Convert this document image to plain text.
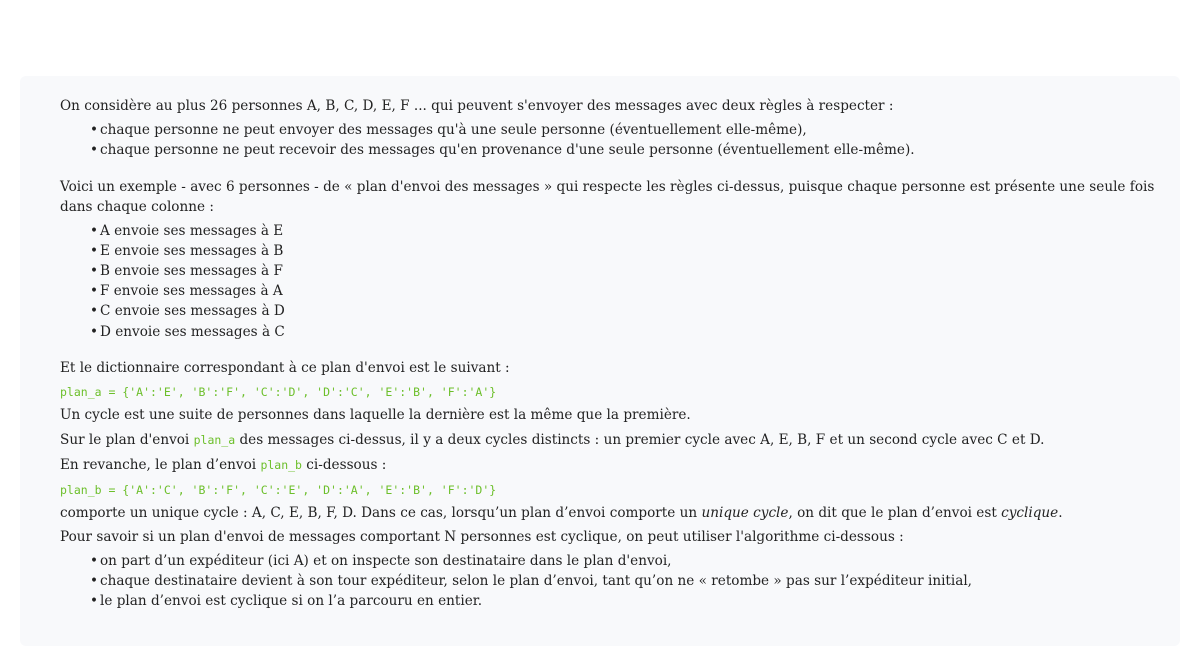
On considère au plus 26 personnes A, B, C, D, E, F ... qui peuvent s'envoyer des messages avec deux règles à respecter :
• chaque personne ne peut envoyer des messages qu'à une seule personne (éventuellement elle-même),
• chaque personne ne peut recevoir des messages qu'en provenance d'une seule personne (éventuellement elle-même).
Voici un exemple - avec 6 personnes - de « plan d'envoi des messages » qui respecte les règles ci-dessus, puisque chaque personne est présente une seule fois
dans chaque colonne :
• A envoie ses messages à E
• E envoie ses messages à B
• B envoie ses messages à F
• F envoie ses messages à A
• C envoie ses messages à D
• D envoie ses messages à C
Et le dictionnaire correspondant à ce plan d'envoi est le suivant :
plan_a = {'A':'E', 'B':'F', 'C':'D', 'D':'C', 'E':'B', 'F':'A'}
Un cycle est une suite de personnes dans laquelle la dernière est la même que la première.
Sur le plan d'envoi plan_a des messages ci-dessus, il y a deux cycles distincts : un premier cycle avec A, E, B, F et un second cycle avec C et D.
En revanche, le plan d’envoi plan_b ci-dessous :
plan_b = {'A':'C', 'B':'F', 'C':'E', 'D':'A', 'E':'B', 'F':'D'}
comporte un unique cycle : A, C, E, B, F, D. Dans ce cas, lorsqu’un plan d’envoi comporte un unique cycle, on dit que le plan d’envoi est cyclique.
Pour savoir si un plan d'envoi de messages comportant N personnes est cyclique, on peut utiliser l'algorithme ci-dessous :
• on part d’un expéditeur (ici A) et on inspecte son destinataire dans le plan d'envoi,
• chaque destinataire devient à son tour expéditeur, selon le plan d’envoi, tant qu’on ne « retombe » pas sur l’expéditeur initial,
• le plan d’envoi est cyclique si on l’a parcouru en entier.
